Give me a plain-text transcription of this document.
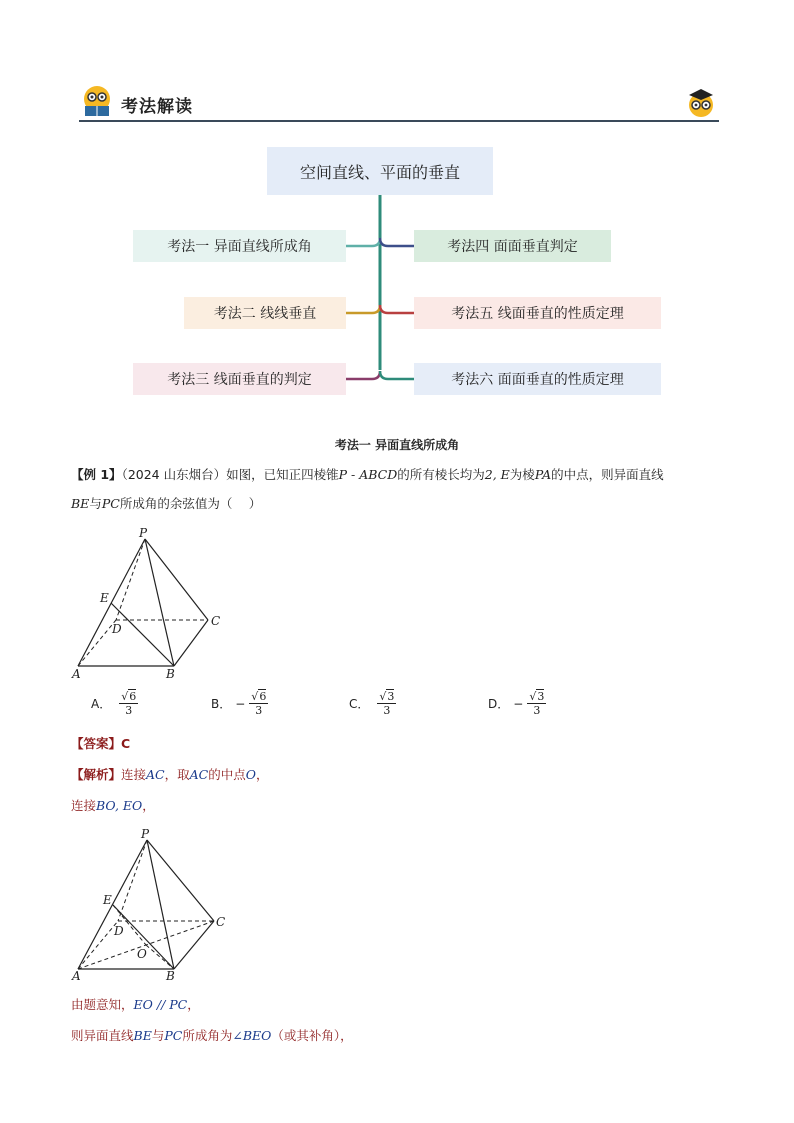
考法解读
空间直线、平面的垂直
考法一 异面直线所成角
考法二 线线垂直
考法三 线面垂直的判定
考法四 面面垂直判定
考法五 线面垂直的性质定理
考法六 面面垂直的性质定理
考法一 异面直线所成角
【例 1】（2024 山东烟台）如图，已知正四棱锥P - ABCD的所有棱长均为2, E为棱PA的中点，则异面直线
BE与PC所成角的余弦值为（　 ）
P
E
D
C
A	B
A． $\frac{√6}{3}$	B． − $\frac{√6}{3}$	C． $\frac{√3}{3}$	D． − $\frac{√3}{3}$
【答案】C
【解析】连接AC，取AC的中点O，
连接BO, EO，
P
E
D
C
O
A	B
由题意知，EO // PC，
则异面直线BE与PC所成角为∠BEO（或其补角），
